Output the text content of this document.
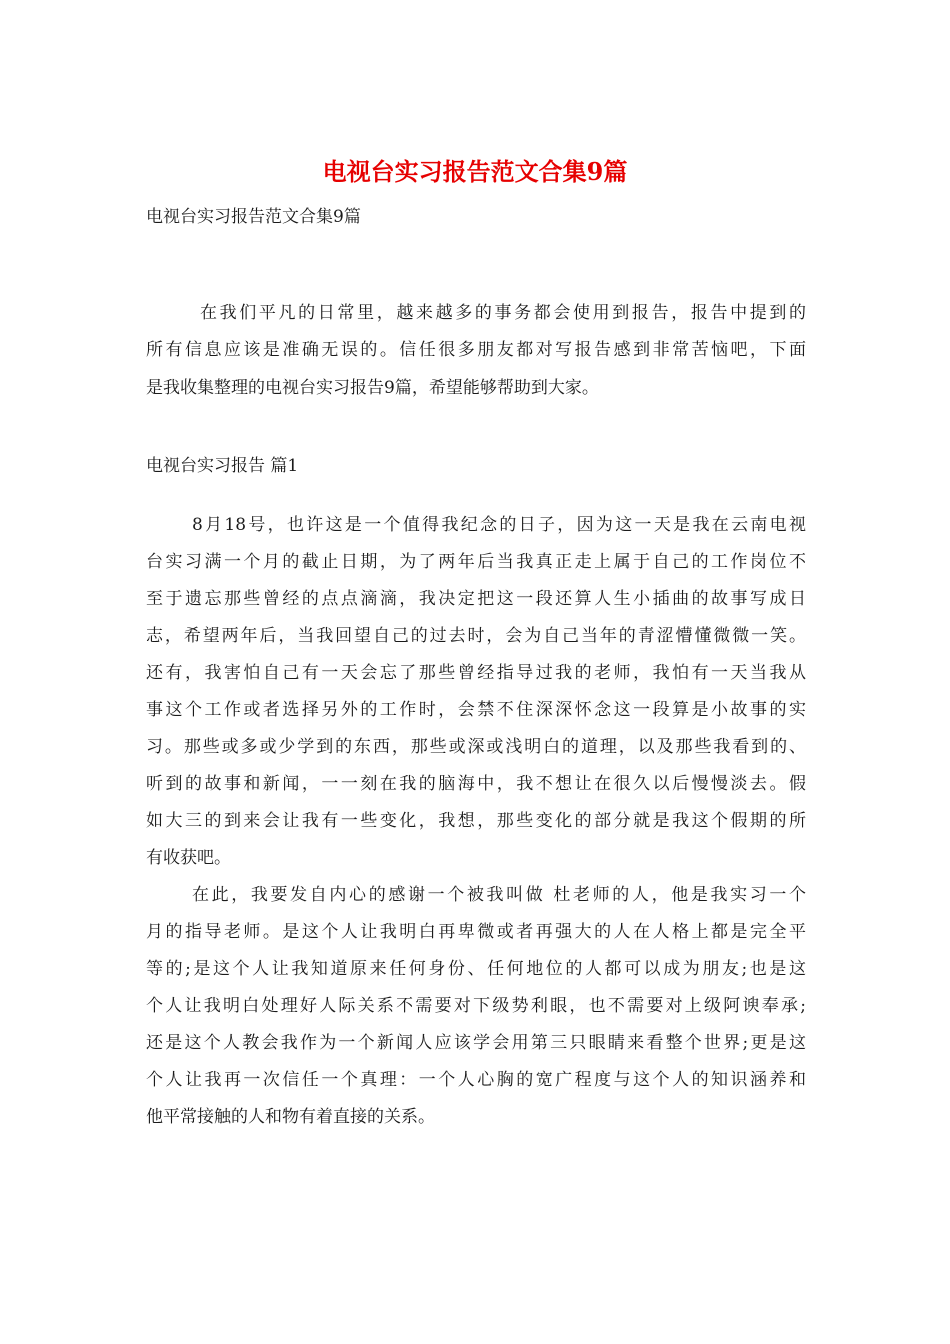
电视台实习报告范文合集9篇
电视台实习报告范文合集9篇
在我们平凡的日常里，越来越多的事务都会使用到报告，报告中提到的
所有信息应该是准确无误的。信任很多朋友都对写报告感到非常苦恼吧，下面
是我收集整理的电视台实习报告9篇，希望能够帮助到大家。
电视台实习报告 篇1
8月18号，也许这是一个值得我纪念的日子，因为这一天是我在云南电视
台实习满一个月的截止日期，为了两年后当我真正走上属于自己的工作岗位不
至于遗忘那些曾经的点点滴滴，我决定把这一段还算人生小插曲的故事写成日
志，希望两年后，当我回望自己的过去时，会为自己当年的青涩懵懂微微一笑。
还有，我害怕自己有一天会忘了那些曾经指导过我的老师，我怕有一天当我从
事这个工作或者选择另外的工作时，会禁不住深深怀念这一段算是小故事的实
习。那些或多或少学到的东西，那些或深或浅明白的道理，以及那些我看到的、
听到的故事和新闻，一一刻在我的脑海中，我不想让在很久以后慢慢淡去。假
如大三的到来会让我有一些变化，我想，那些变化的部分就是我这个假期的所
有收获吧。
在此，我要发自内心的感谢一个被我叫做 杜老师的人，他是我实习一个
月的指导老师。是这个人让我明白再卑微或者再强大的人在人格上都是完全平
等的;是这个人让我知道原来任何身份、任何地位的人都可以成为朋友;也是这
个人让我明白处理好人际关系不需要对下级势利眼，也不需要对上级阿谀奉承;
还是这个人教会我作为一个新闻人应该学会用第三只眼睛来看整个世界;更是这
个人让我再一次信任一个真理：一个人心胸的宽广程度与这个人的知识涵养和
他平常接触的人和物有着直接的关系。
